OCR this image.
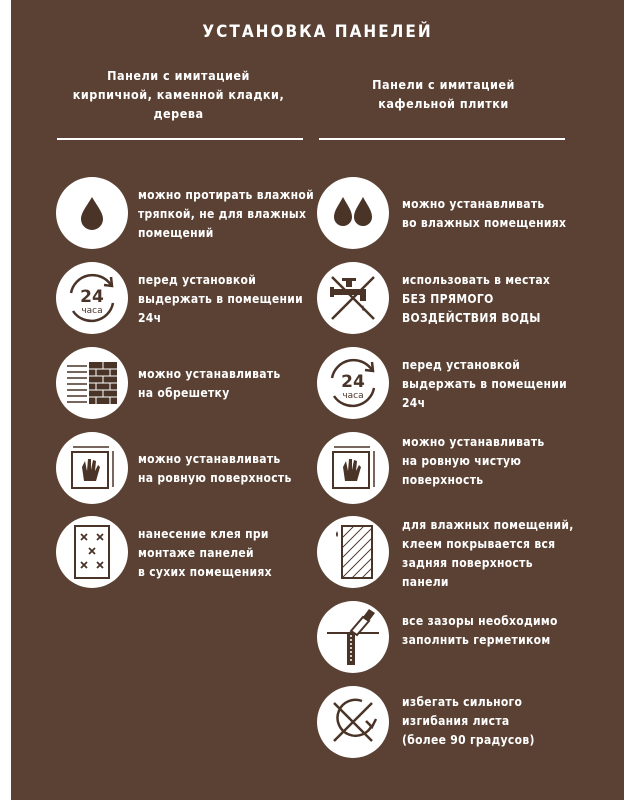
УСТАНОВКА ПАНЕЛЕЙ
Панели с имитацией
кирпичной, каменной кладки,
дерева
Панели с имитацией
кафельной плитки
можно протирать влажной
тряпкой, не для влажных
помещений
24
часа
перед установкой
выдержать в помещении
24ч
можно устанавливать
на обрешетку
можно устанавливать
на ровную поверхность
нанесение клея при
монтаже панелей
в сухих помещениях
можно устанавливать
во влажных помещениях
использовать в местах
БЕЗ ПРЯМОГО
ВОЗДЕЙСТВИЯ ВОДЫ
24
часа
перед установкой
выдержать в помещении
24ч
можно устанавливать
на ровную чистую
поверхность
для влажных помещений,
клеем покрывается вся
задняя поверхность
панели
все зазоры необходимо
заполнить герметиком
избегать сильного
изгибания листа
(более 90 градусов)
